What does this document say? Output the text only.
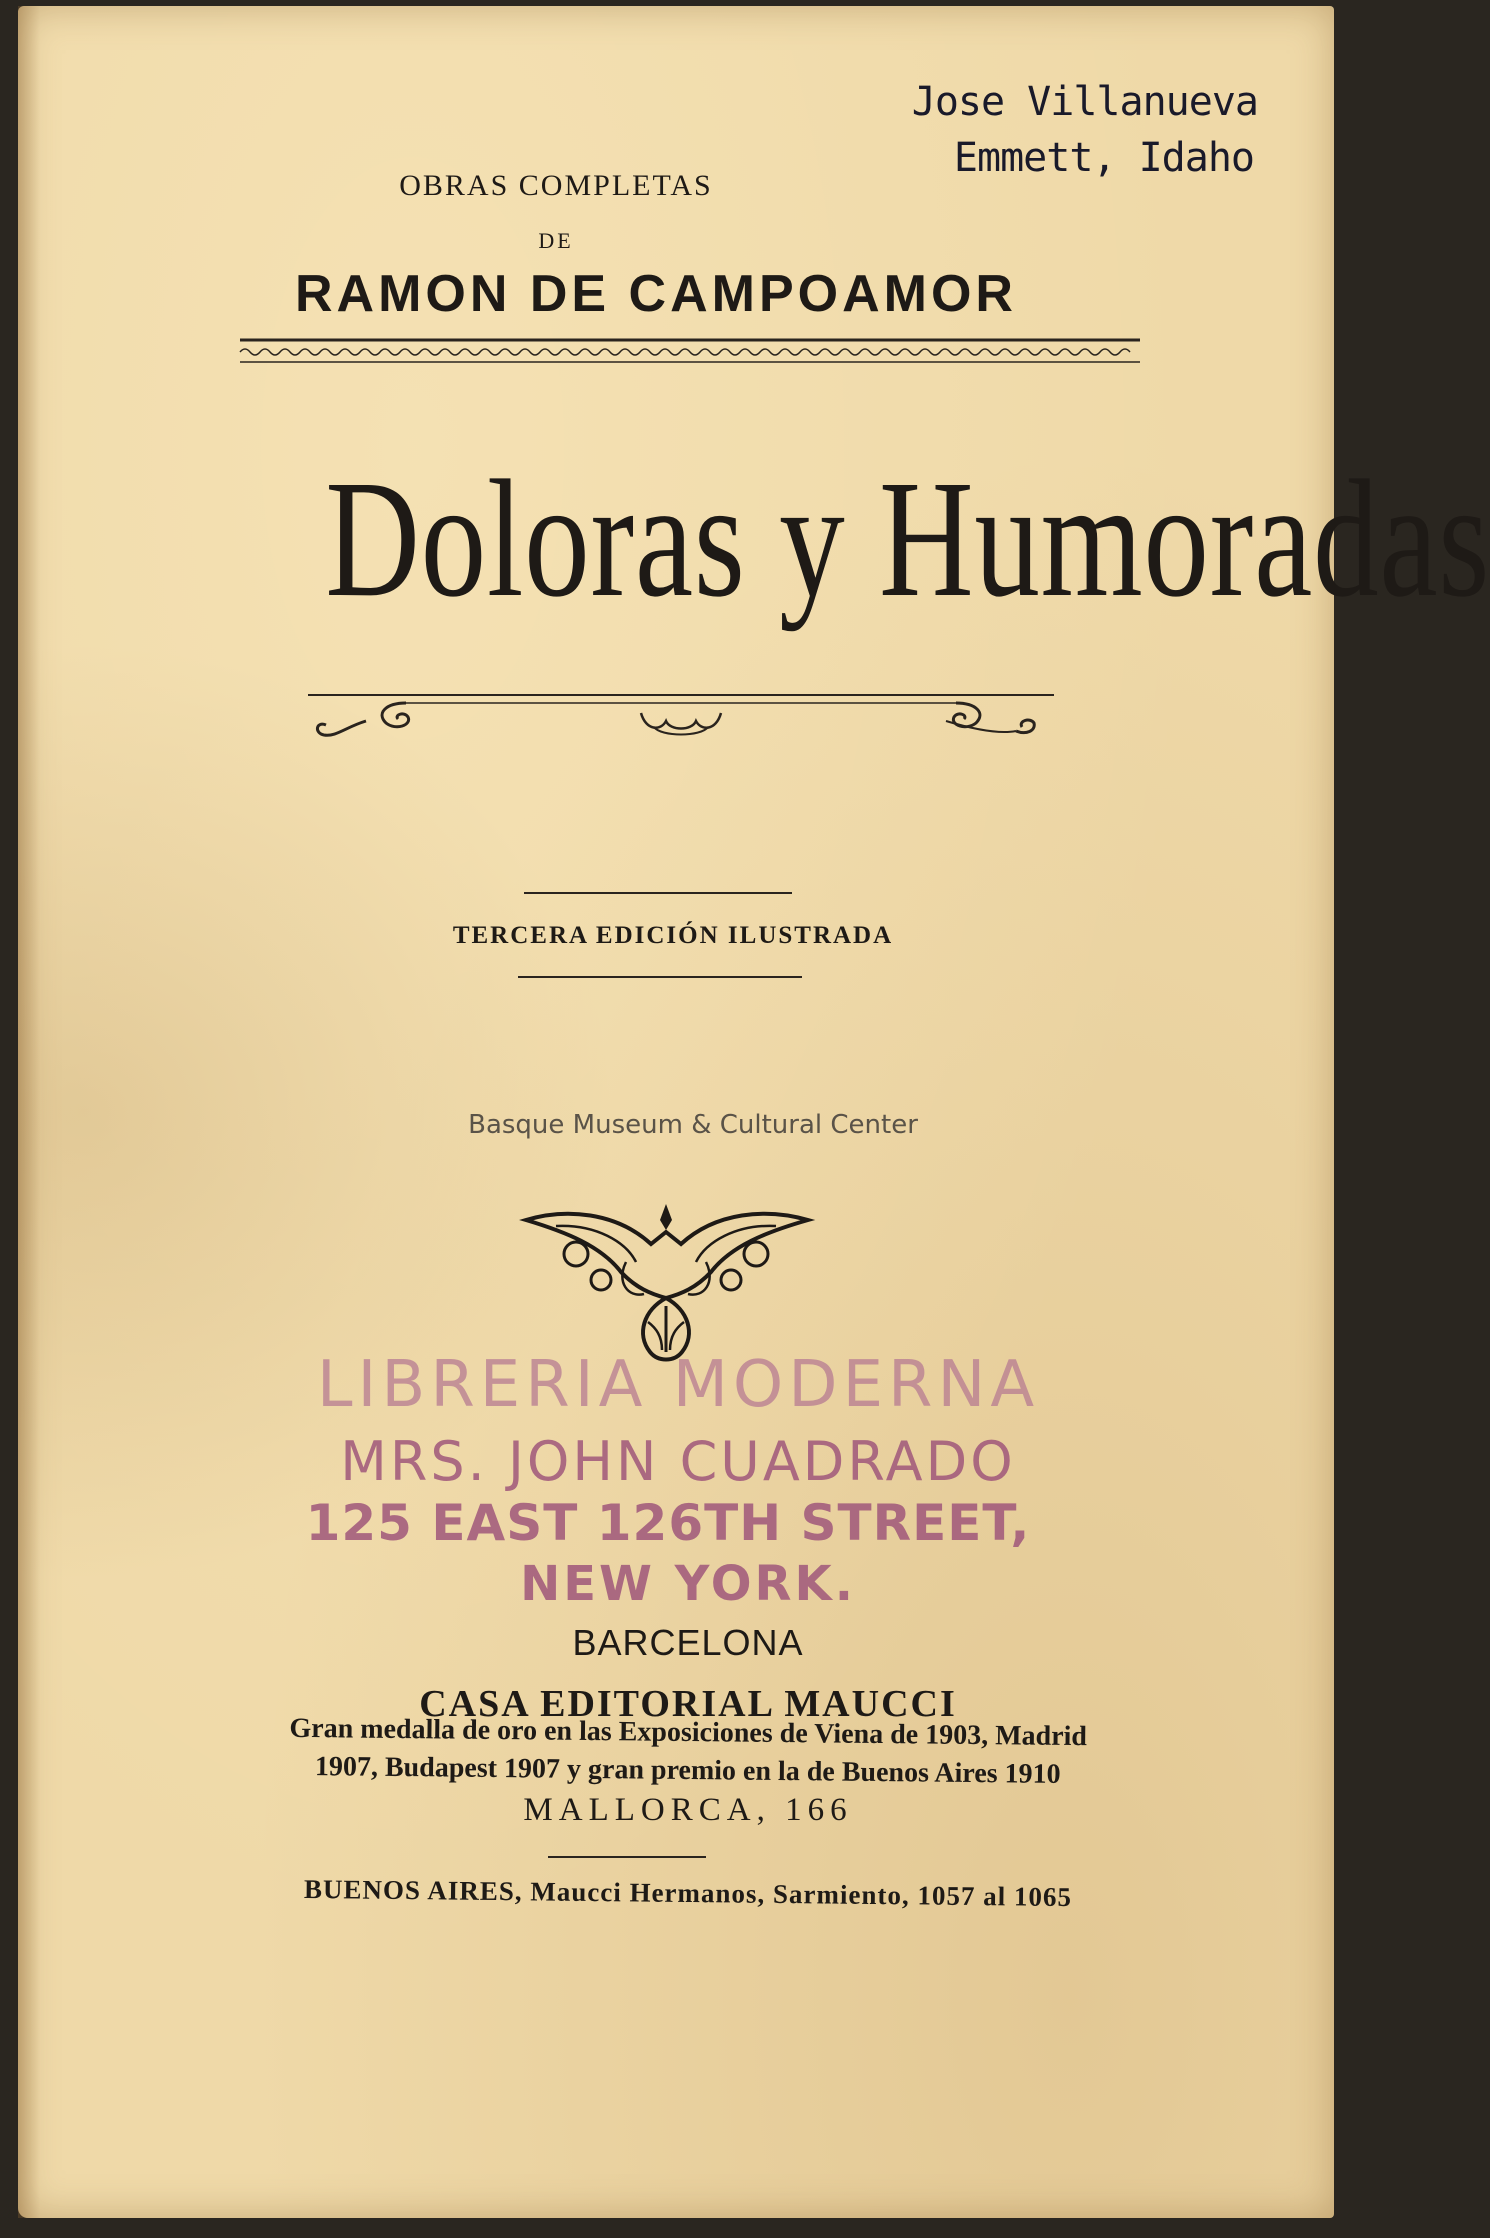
Jose Villanueva
Emmett, Idaho
OBRAS COMPLETAS
DE
RAMON DE CAMPOAMOR
Doloras y Humoradas
TERCERA EDICIÓN ILUSTRADA
Basque Museum & Cultural Center
LIBRERIA MODERNA
MRS. JOHN CUADRADO
125 EAST 126TH STREET,
NEW YORK.
BARCELONA
CASA EDITORIAL MAUCCI
Gran medalla de oro en las Exposiciones de Viena de 1903, Madrid
1907, Budapest 1907 y gran premio en la de Buenos Aires 1910
MALLORCA, 166
BUENOS AIRES, Maucci Hermanos, Sarmiento, 1057 al 1065
